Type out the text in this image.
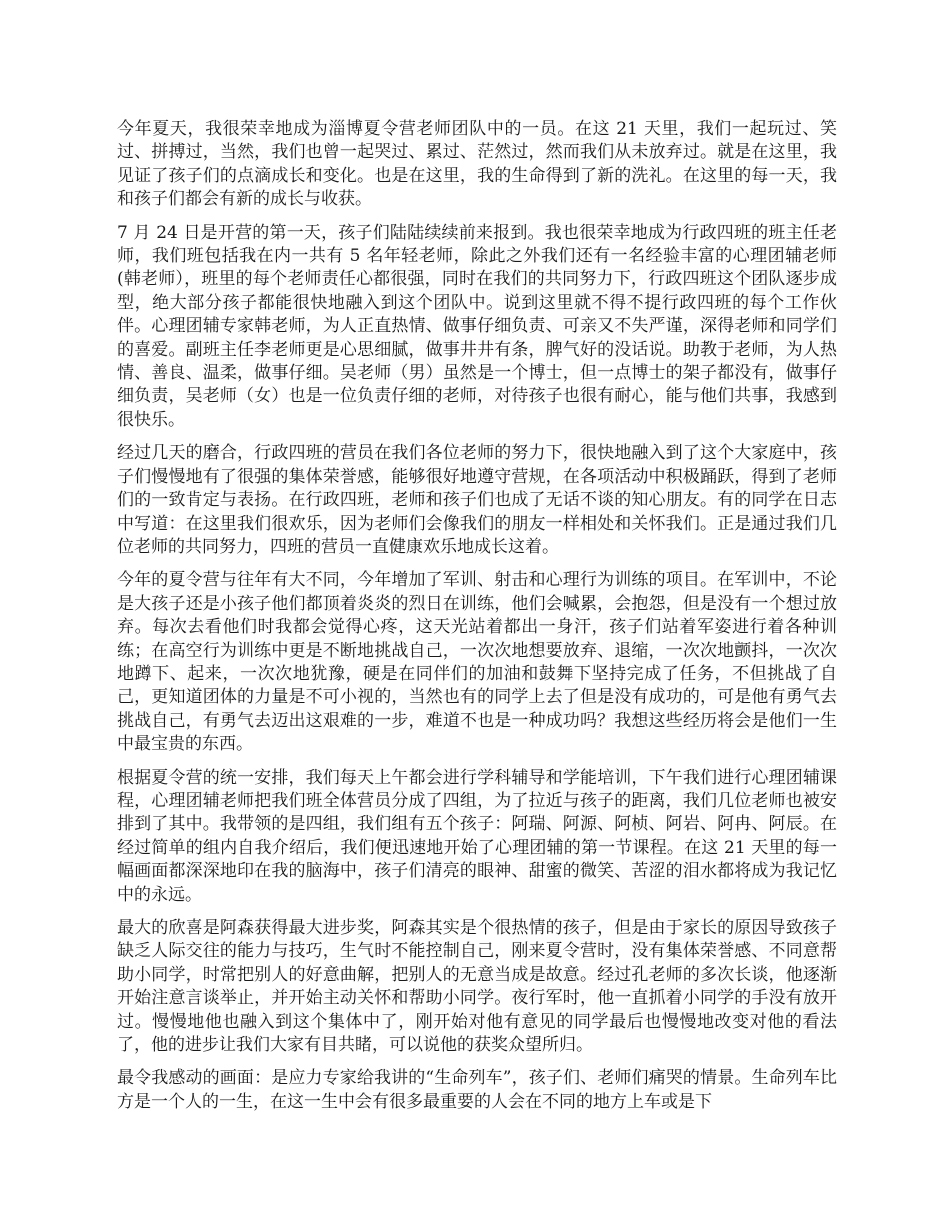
今年夏天，我很荣幸地成为淄博夏令营老师团队中的一员。在这 21 天里，我们一起玩过、笑过、拼搏过，当然，我们也曾一起哭过、累过、茫然过，然而我们从未放弃过。就是在这里，我见证了孩子们的点滴成长和变化。也是在这里，我的生命得到了新的洗礼。在这里的每一天，我和孩子们都会有新的成长与收获。

7 月 24 日是开营的第一天，孩子们陆陆续续前来报到。我也很荣幸地成为行政四班的班主任老师，我们班包括我在内一共有 5 名年轻老师，除此之外我们还有一名经验丰富的心理团辅老师(韩老师），班里的每个老师责任心都很强，同时在我们的共同努力下，行政四班这个团队逐步成型，绝大部分孩子都能很快地融入到这个团队中。说到这里就不得不提行政四班的每个工作伙伴。心理团辅专家韩老师，为人正直热情、做事仔细负责、可亲又不失严谨，深得老师和同学们的喜爱。副班主任李老师更是心思细腻，做事井井有条，脾气好的没话说。助教于老师，为人热情、善良、温柔，做事仔细。吴老师（男）虽然是一个博士，但一点博士的架子都没有，做事仔细负责，吴老师（女）也是一位负责仔细的老师，对待孩子也很有耐心，能与他们共事，我感到很快乐。

经过几天的磨合，行政四班的营员在我们各位老师的努力下，很快地融入到了这个大家庭中，孩子们慢慢地有了很强的集体荣誉感，能够很好地遵守营规，在各项活动中积极踊跃，得到了老师们的一致肯定与表扬。在行政四班，老师和孩子们也成了无话不谈的知心朋友。有的同学在日志中写道：在这里我们很欢乐，因为老师们会像我们的朋友一样相处和关怀我们。正是通过我们几位老师的共同努力，四班的营员一直健康欢乐地成长这着。

今年的夏令营与往年有大不同，今年增加了军训、射击和心理行为训练的项目。在军训中，不论是大孩子还是小孩子他们都顶着炎炎的烈日在训练，他们会喊累，会抱怨，但是没有一个想过放弃。每次去看他们时我都会觉得心疼，这天光站着都出一身汗，孩子们站着军姿进行着各种训练；在高空行为训练中更是不断地挑战自己，一次次地想要放弃、退缩，一次次地颤抖，一次次地蹲下、起来，一次次地犹豫，硬是在同伴们的加油和鼓舞下坚持完成了任务，不但挑战了自己，更知道团体的力量是不可小视的，当然也有的同学上去了但是没有成功的，可是他有勇气去挑战自己，有勇气去迈出这艰难的一步，难道不也是一种成功吗？我想这些经历将会是他们一生中最宝贵的东西。

根据夏令营的统一安排，我们每天上午都会进行学科辅导和学能培训，下午我们进行心理团辅课程，心理团辅老师把我们班全体营员分成了四组，为了拉近与孩子的距离，我们几位老师也被安排到了其中。我带领的是四组，我们组有五个孩子：阿瑞、阿源、阿桢、阿岩、阿冉、阿辰。在经过简单的组内自我介绍后，我们便迅速地开始了心理团辅的第一节课程。在这 21 天里的每一幅画面都深深地印在我的脑海中，孩子们清亮的眼神、甜蜜的微笑、苦涩的泪水都将成为我记忆中的永远。

最大的欣喜是阿森获得最大进步奖，阿森其实是个很热情的孩子，但是由于家长的原因导致孩子缺乏人际交往的能力与技巧，生气时不能控制自己，刚来夏令营时，没有集体荣誉感、不同意帮助小同学，时常把别人的好意曲解，把别人的无意当成是故意。经过孔老师的多次长谈，他逐渐开始注意言谈举止，并开始主动关怀和帮助小同学。夜行军时，他一直抓着小同学的手没有放开过。慢慢地他也融入到这个集体中了，刚开始对他有意见的同学最后也慢慢地改变对他的看法了，他的进步让我们大家有目共睹，可以说他的获奖众望所归。

最令我感动的画面：是应力专家给我讲的“生命列车”，孩子们、老师们痛哭的情景。生命列车比方是一个人的一生，在这一生中会有很多最重要的人会在不同的地方上车或是下
